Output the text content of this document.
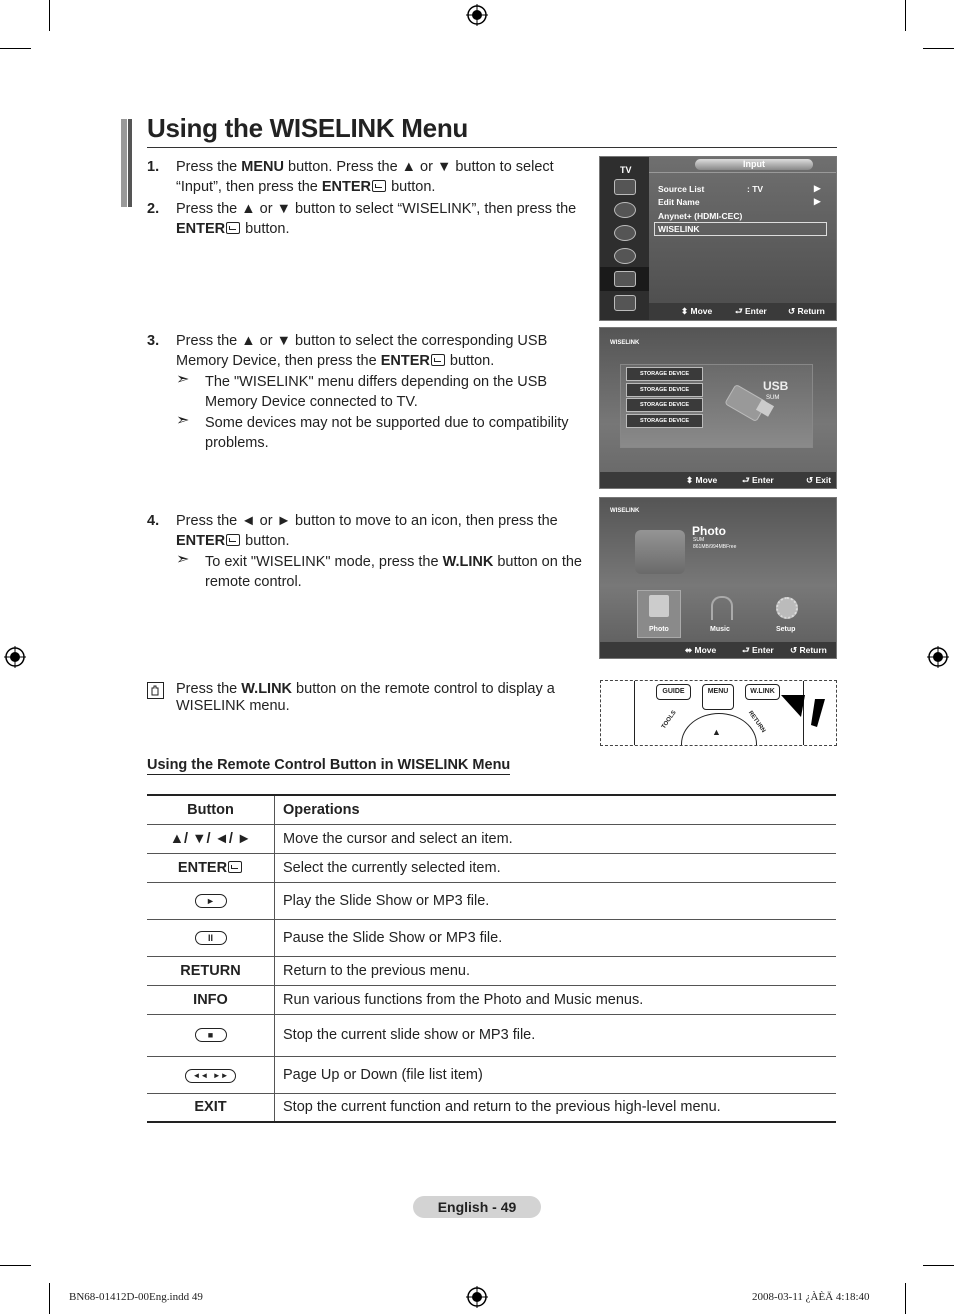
Using the WISELINK Menu
1. Press the MENU button. Press the ▲ or ▼ button to select
“Input”, then press the ENTER button.
2. Press the ▲ or ▼ button to select “WISELINK”, then press the
ENTER button.
TV
Input
Source List	: TV	▶
Edit Name	▶
Anynet+ (HDMI-CEC)
WISELINK
⬍ Move	⮐ Enter	↺ Return
3. Press the ▲ or ▼ button to select the corresponding USB
Memory Device, then press the ENTER button.
➣ The "WISELINK" menu differs depending on the USB Memory Device connected to TV.
➣ Some devices may not be supported due to compatibility problems.
WISELINK
STORAGE DEVICE
STORAGE DEVICE
STORAGE DEVICE
STORAGE DEVICE
USB
SUM
⬍ Move	⮐ Enter	↺ Exit
4. Press the ◄ or ► button to move to an icon, then press the
ENTER button.
➣ To exit "WISELINK" mode, press the W.LINK button on the remote control.
WISELINK
Photo
SUM
861MB/994MBFree
Photo	Music	Setup
⬌ Move	⮐ Enter ↺ Return
Press the W.LINK button on the remote control to display a
WISELINK menu.
GUIDE	MENU	W.LINK
▲
TOOLS	RETURN
Using the Remote Control Button in WISELINK Menu
Button	Operations
▲/ ▼/ ◄/ ►	Move the cursor and select an item.
ENTER	Select the currently selected item.
►	Play the Slide Show or MP3 file.
II	Pause the Slide Show or MP3 file.
RETURN	Return to the previous menu.
INFO	Run various functions from the Photo and Music menus.
■	Stop the current slide show or MP3 file.
◄◄  ►►	Page Up or Down (file list item)
EXIT	Stop the current function and return to the previous high-level menu.
English - 49
BN68-01412D-00Eng.indd 49	2008-03-11 ¿ÀÈÄ 4:18:40
